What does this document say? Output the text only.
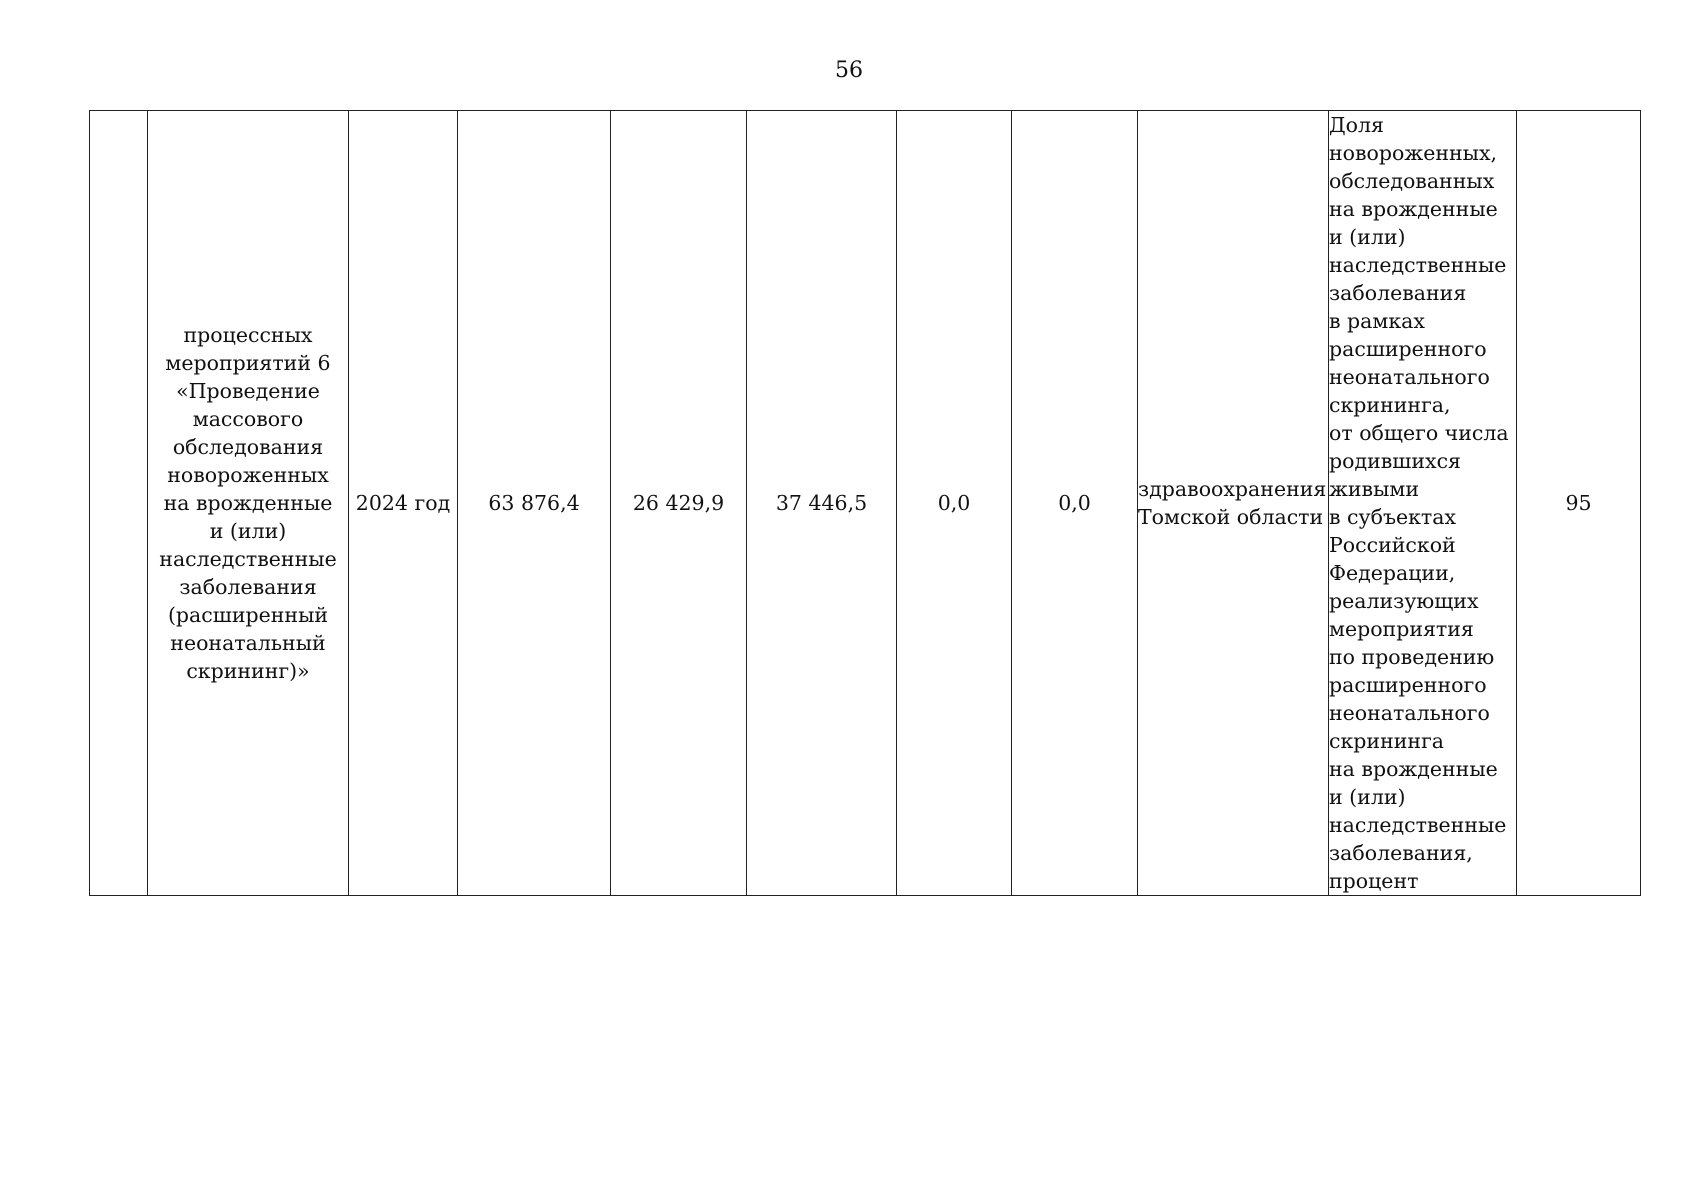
56
	процессных
мероприятий 6
«Проведение
массового
обследования
новороженных
на врожденные
и (или)
наследственные
заболевания
(расширенный
неонатальный
скрининг)»	2024 год	63 876,4	26 429,9	37 446,5	0,0	0,0	здравоохранения
Томской области	Доля
новороженных,
обследованных
на врожденные
и (или)
наследственные
заболевания
в рамках
расширенного
неонатального
скрининга,
от общего числа
родившихся
живыми
в субъектах
Российской
Федерации,
реализующих
мероприятия
по проведению
расширенного
неонатального
скрининга
на врожденные
и (или)
наследственные
заболевания,
процент	95
